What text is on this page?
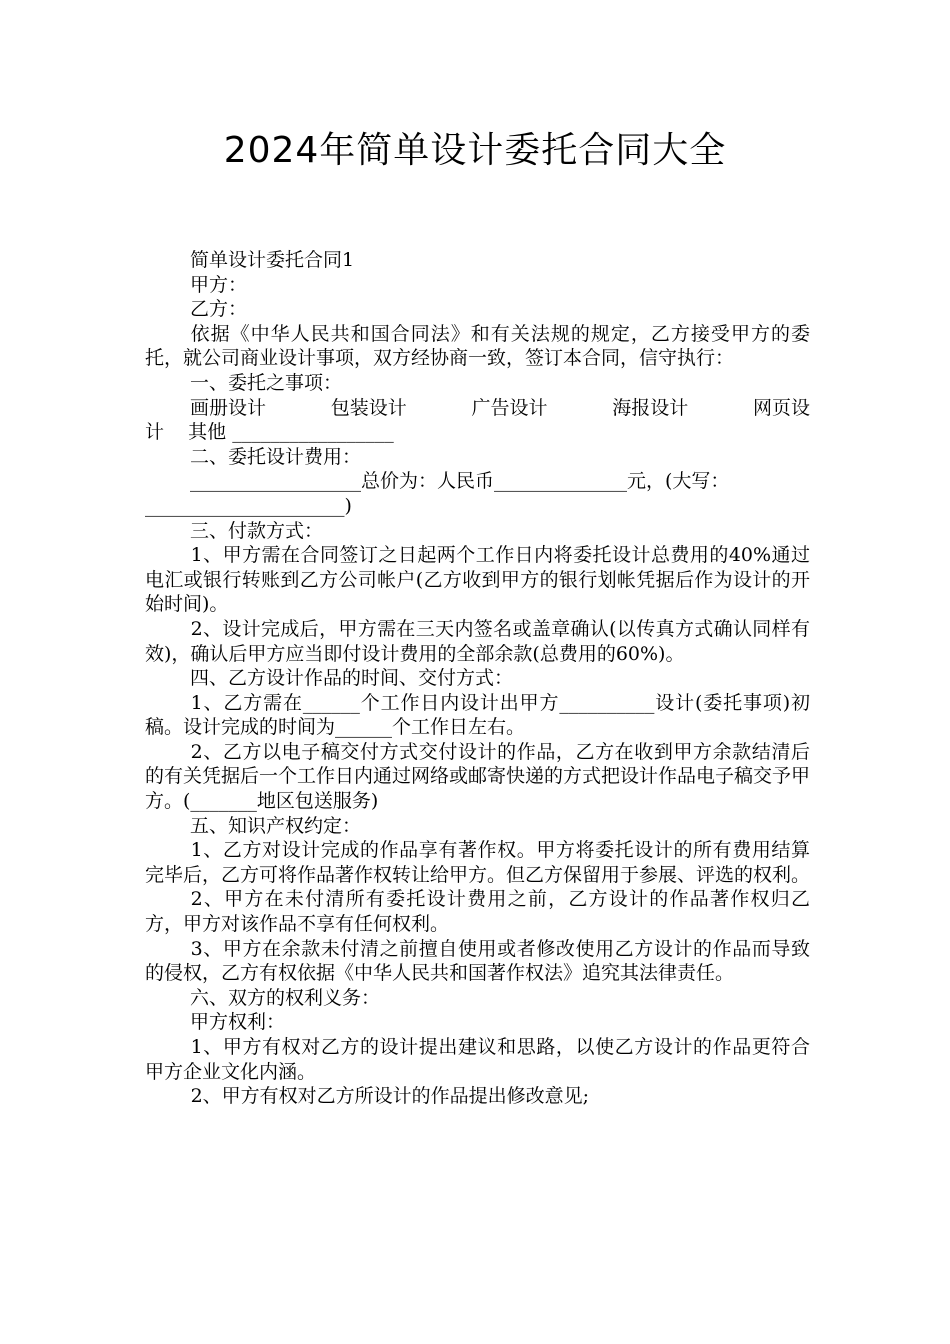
2024年简单设计委托合同大全
简单设计委托合同1
甲方：
乙方：
依据《中华人民共和国合同法》和有关法规的规定，乙方接受甲方的委托，就公司商业设计事项，双方经协商一致，签订本合同，信守执行：
一、委托之事项：
画册设计	包装设计	广告设计	海报设计	网页设
计    其他 _________________
二、委托设计费用：
__________________总价为：人民币______________元，(大写：
_____________________)
三、付款方式：
1、甲方需在合同签订之日起两个工作日内将委托设计总费用的40%通过电汇或银行转账到乙方公司帐户(乙方收到甲方的银行划帐凭据后作为设计的开始时间)。
2、设计完成后，甲方需在三天内签名或盖章确认(以传真方式确认同样有效)，确认后甲方应当即付设计费用的全部余款(总费用的60%)。
四、乙方设计作品的时间、交付方式：
1、乙方需在______个工作日内设计出甲方__________设计(委托事项)初稿。设计完成的时间为______个工作日左右。
2、乙方以电子稿交付方式交付设计的作品，乙方在收到甲方余款结清后的有关凭据后一个工作日内通过网络或邮寄快递的方式把设计作品电子稿交予甲方。(_______地区包送服务)
五、知识产权约定：
1、乙方对设计完成的作品享有著作权。甲方将委托设计的所有费用结算完毕后，乙方可将作品著作权转让给甲方。但乙方保留用于参展、评选的权利。
2、甲方在未付清所有委托设计费用之前，乙方设计的作品著作权归乙方，甲方对该作品不享有任何权利。
3、甲方在余款未付清之前擅自使用或者修改使用乙方设计的作品而导致的侵权，乙方有权依据《中华人民共和国著作权法》追究其法律责任。
六、双方的权利义务：
甲方权利：
1、甲方有权对乙方的设计提出建议和思路，以使乙方设计的作品更符合甲方企业文化内涵。
2、甲方有权对乙方所设计的作品提出修改意见;
